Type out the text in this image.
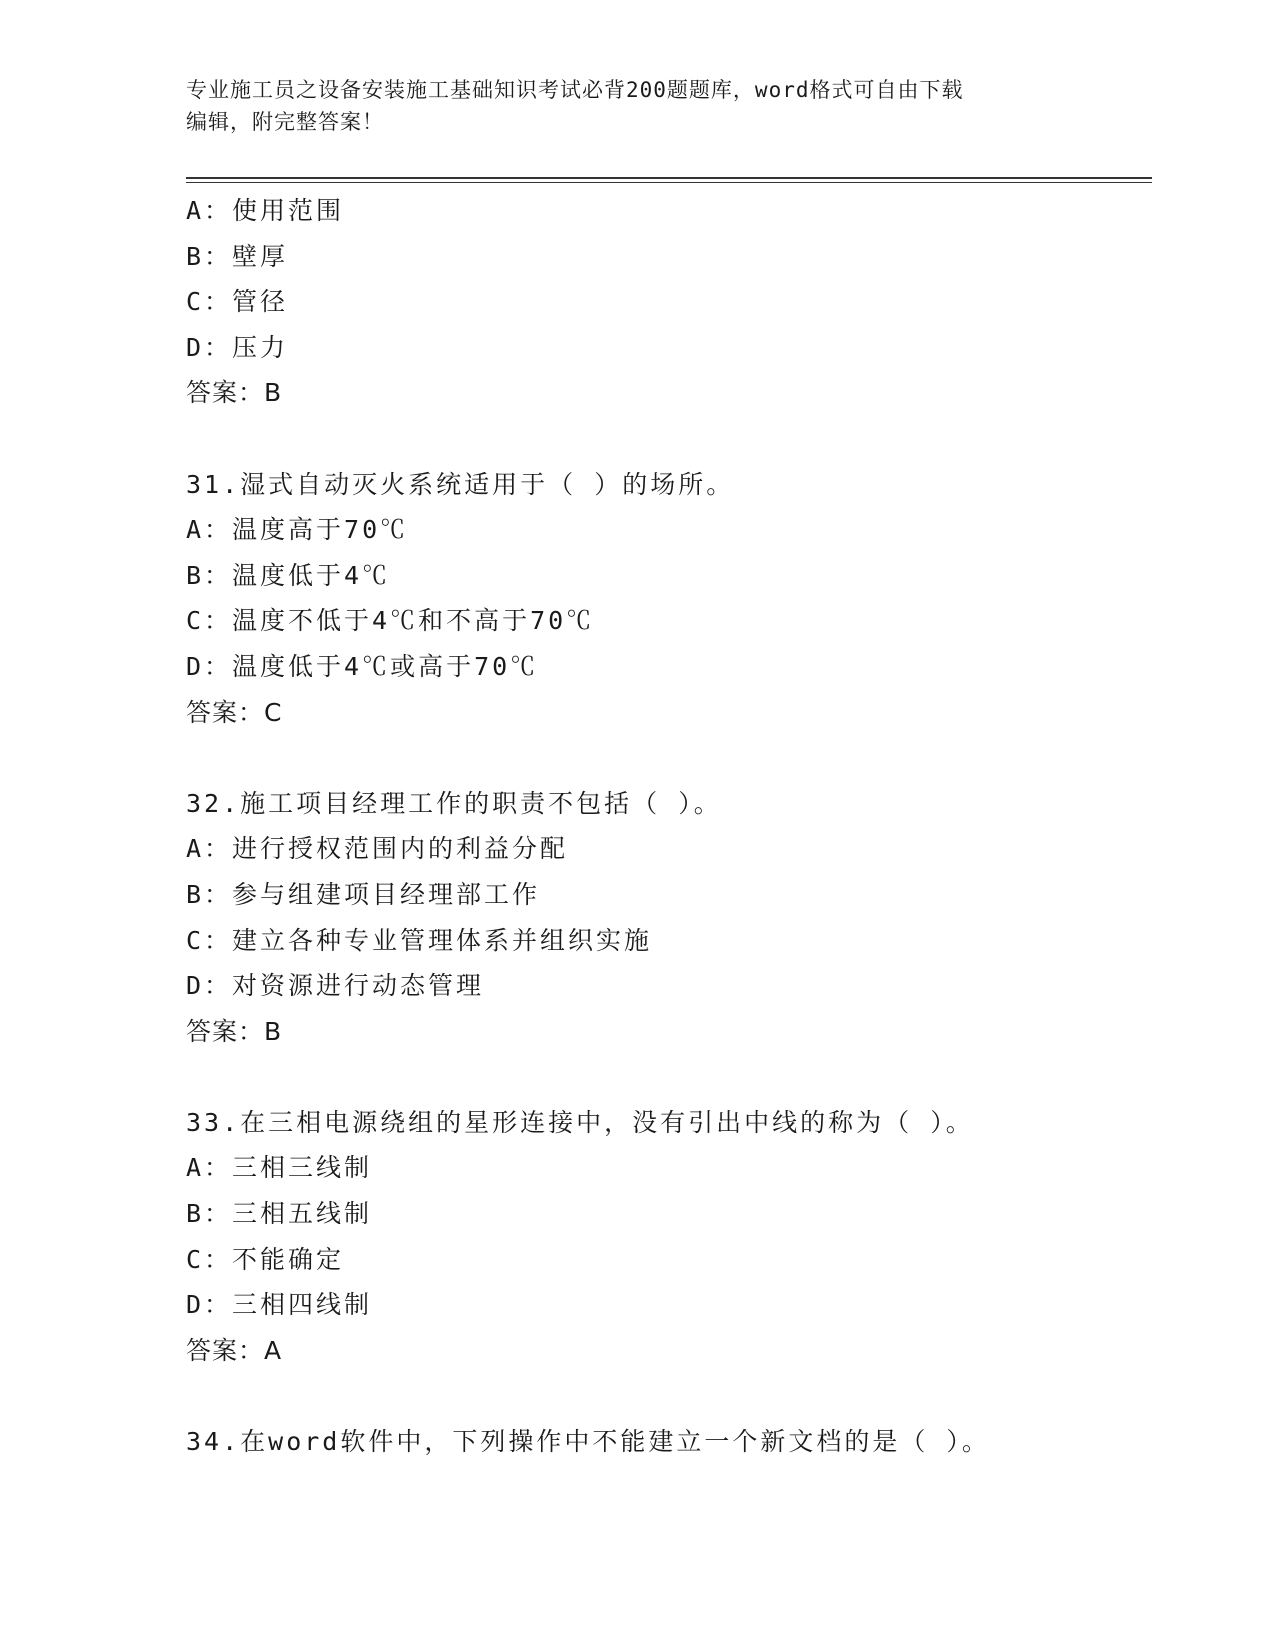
专业施工员之设备安装施工基础知识考试必背200题题库，word格式可自由下载
编辑，附完整答案！
A：使用范围
B：壁厚
C：管径
D：压力
答案：B
31.湿式自动灭火系统适用于（ ）的场所。
A：温度高于70℃
B：温度低于4℃
C：温度不低于4℃和不高于70℃
D：温度低于4℃或高于70℃
答案：C
32.施工项目经理工作的职责不包括（ ）。
A：进行授权范围内的利益分配
B：参与组建项目经理部工作
C：建立各种专业管理体系并组织实施
D：对资源进行动态管理
答案：B
33.在三相电源绕组的星形连接中，没有引出中线的称为（ ）。
A：三相三线制
B：三相五线制
C：不能确定
D：三相四线制
答案：A
34.在word软件中，下列操作中不能建立一个新文档的是（ ）。
